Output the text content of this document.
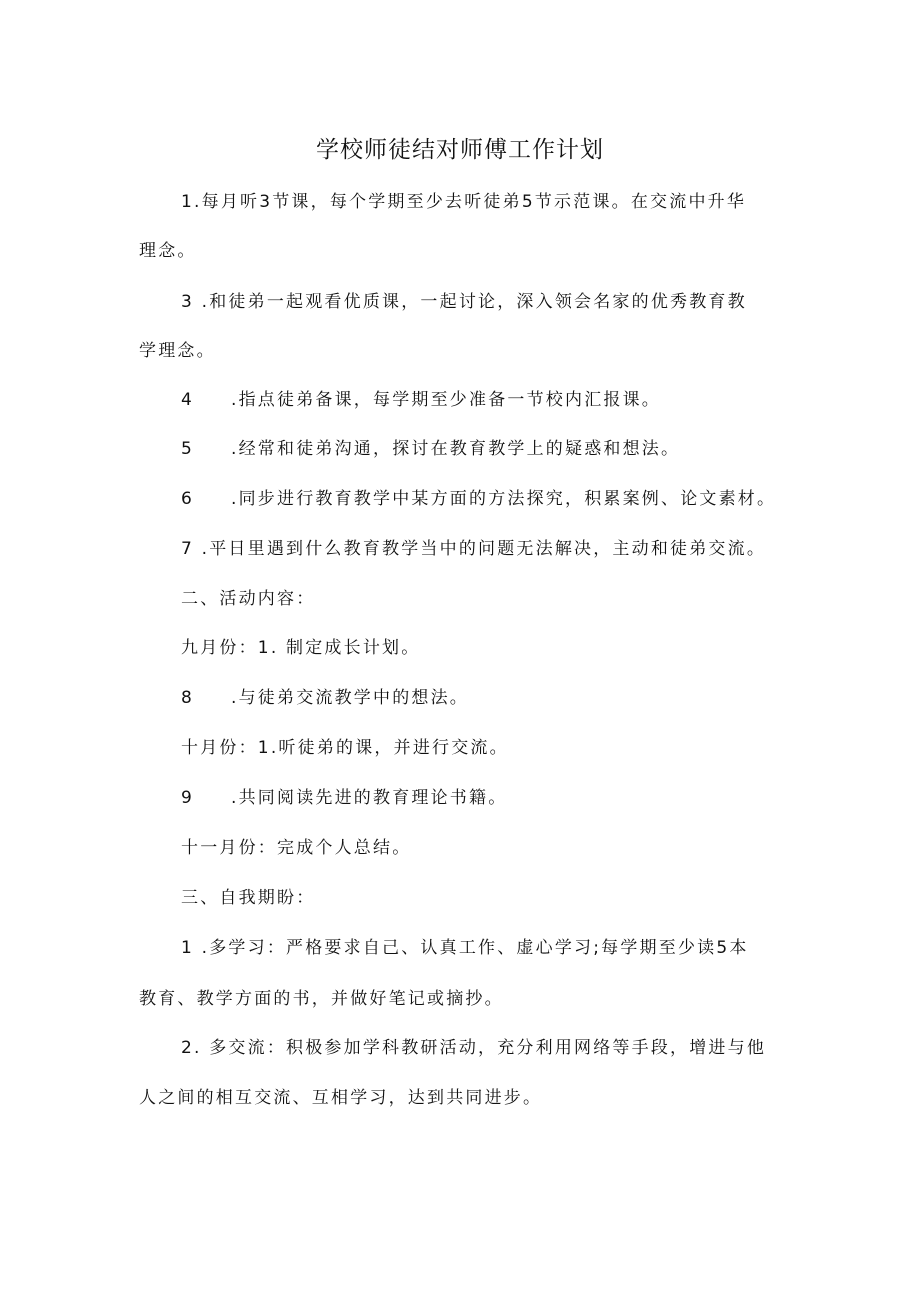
学校师徒结对师傅工作计划
1.每月听3节课，每个学期至少去听徒弟5节示范课。在交流中升华
理念。
3 .和徒弟一起观看优质课，一起讨论，深入领会名家的优秀教育教
学理念。
4 .指点徒弟备课，每学期至少准备一节校内汇报课。
5 .经常和徒弟沟通，探讨在教育教学上的疑惑和想法。
6 .同步进行教育教学中某方面的方法探究，积累案例、论文素材。
7 .平日里遇到什么教育教学当中的问题无法解决，主动和徒弟交流。
二、活动内容：
九月份：1. 制定成长计划。
8 .与徒弟交流教学中的想法。
十月份：1.听徒弟的课，并进行交流。
9 .共同阅读先进的教育理论书籍。
十一月份：完成个人总结。
三、自我期盼：
1 .多学习：严格要求自己、认真工作、虚心学习;每学期至少读5本
教育、教学方面的书，并做好笔记或摘抄。
2. 多交流：积极参加学科教研活动，充分利用网络等手段，增进与他
人之间的相互交流、互相学习，达到共同进步。
